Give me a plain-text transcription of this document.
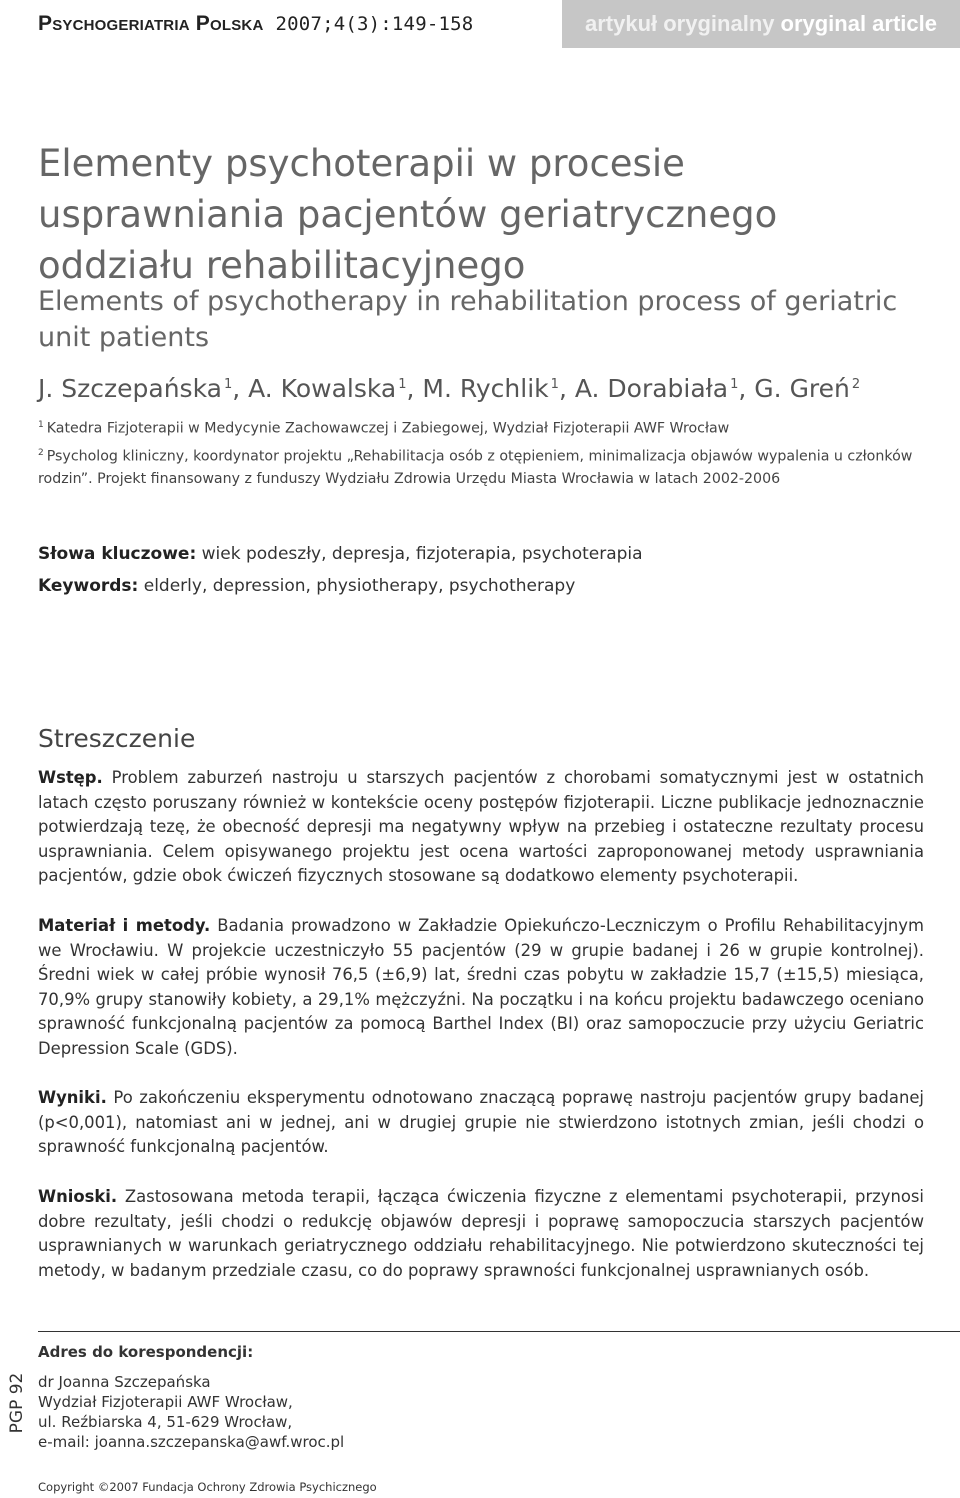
Psychogeriatria Polska 2007;4(3):149-158	artykuł oryginalny oryginal article
Elementy psychoterapii w procesie usprawniania pacjentów geriatrycznego oddziału rehabilitacyjnego
Elements of psychotherapy in rehabilitation process of geriatric unit patients

J. Szczepańska $^1$, A. Kowalska $^1$, M. Rychlik $^1$, A. Dorabiała $^1$, G. Greń $^2$

$^1$ Katedra Fizjoterapii w Medycynie Zachowawczej i Zabiegowej, Wydział Fizjoterapii AWF Wrocław

$^2$ Psycholog kliniczny, koordynator projektu „Rehabilitacja osób z otępieniem, minimalizacja objawów wypalenia u członków rodzin”. Projekt finansowany z funduszy Wydziału Zdrowia Urzędu Miasta Wrocławia w latach 2002-2006

Słowa kluczowe: wiek podeszły, depresja, fizjoterapia, psychoterapia

Keywords: elderly, depression, physiotherapy, psychotherapy

Streszczenie

Wstęp. Problem zaburzeń nastroju u starszych pacjentów z chorobami somatycznymi jest w ostatnich latach często poruszany również w kontekście oceny postępów fizjoterapii. Liczne publikacje jednoznacznie potwierdzają tezę, że obecność depresji ma negatywny wpływ na przebieg i ostateczne rezultaty procesu usprawniania. Celem opisywanego projektu jest ocena wartości zaproponowanej metody usprawniania pacjentów, gdzie obok ćwiczeń fizycznych stosowane są dodatkowo elementy psychoterapii.

Materiał i metody. Badania prowadzono w Zakładzie Opiekuńczo-Leczniczym o Profilu Rehabilitacyjnym we Wrocławiu. W projekcie uczestniczyło 55 pacjentów (29 w grupie badanej i 26 w grupie kontrolnej). Średni wiek w całej próbie wynosił 76,5 (±6,9) lat, średni czas pobytu w zakładzie 15,7 (±15,5) miesiąca, 70,9% grupy stanowiły kobiety, a 29,1% mężczyźni. Na początku i na końcu projektu badawczego oceniano sprawność funkcjonalną pacjentów za pomocą Barthel Index (BI) oraz samopoczucie przy użyciu Geriatric Depression Scale (GDS).

Wyniki. Po zakończeniu eksperymentu odnotowano znaczącą poprawę nastroju pacjentów grupy badanej (p<0,001), natomiast ani w jednej, ani w drugiej grupie nie stwierdzono istotnych zmian, jeśli chodzi o sprawność funkcjonalną pacjentów.

Wnioski. Zastosowana metoda terapii, łącząca ćwiczenia fizyczne z elementami psychoterapii, przynosi dobre rezultaty, jeśli chodzi o redukcję objawów depresji i poprawę samopoczucia starszych pacjentów usprawnianych w warunkach geriatrycznego oddziału rehabilitacyjnego. Nie potwierdzono skuteczności tej metody, w badanym przedziale czasu, co do poprawy sprawności funkcjonalnej usprawnianych osób.

PGP 92

Adres do korespondencji:
dr Joanna Szczepańska
Wydział Fizjoterapii AWF Wrocław,
ul. Reźbiarska 4, 51-629 Wrocław,
e-mail: joanna.szczepanska@awf.wroc.pl

Copyright ©2007 Fundacja Ochrony Zdrowia Psychicznego
